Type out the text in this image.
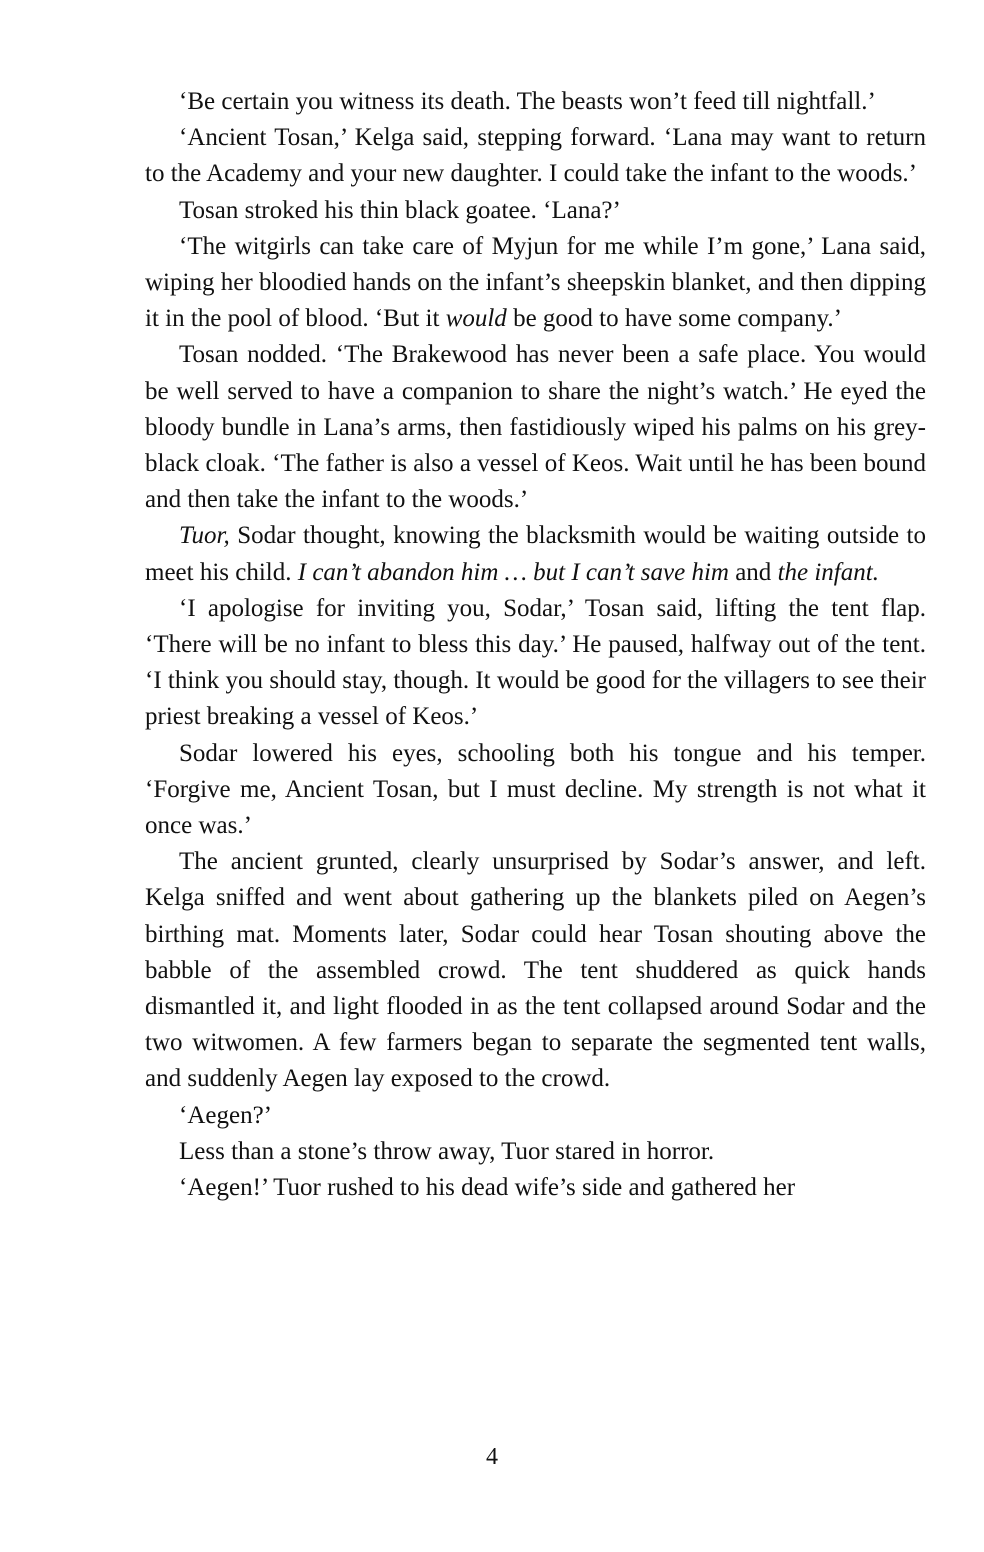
‘Be certain you witness its death. The beasts won’t feed till nightfall.’

‘Ancient Tosan,’ Kelga said, stepping forward. ‘Lana may want to return to the Academy and your new daughter. I could take the infant to the woods.’

Tosan stroked his thin black goatee. ‘Lana?’

‘The witgirls can take care of Myjun for me while I’m gone,’ Lana said, wiping her bloodied hands on the infant’s sheepskin blanket, and then dipping it in the pool of blood. ‘But it would be good to have some company.’

Tosan nodded. ‘The Brakewood has never been a safe place. You would be well served to have a companion to share the night’s watch.’ He eyed the bloody bundle in Lana’s arms, then fastidiously wiped his palms on his grey-black cloak. ‘The father is also a vessel of Keos. Wait until he has been bound and then take the infant to the woods.’

Tuor, Sodar thought, knowing the blacksmith would be waiting outside to meet his child. I can’t abandon him … but I can’t save him and the infant.

‘I apologise for inviting you, Sodar,’ Tosan said, lifting the tent flap. ‘There will be no infant to bless this day.’ He paused, halfway out of the tent. ‘I think you should stay, though. It would be good for the villagers to see their priest breaking a vessel of Keos.’

Sodar lowered his eyes, schooling both his tongue and his temper. ‘Forgive me, Ancient Tosan, but I must decline. My strength is not what it once was.’

The ancient grunted, clearly unsurprised by Sodar’s answer, and left. Kelga sniffed and went about gathering up the blankets piled on Aegen’s birthing mat. Moments later, Sodar could hear Tosan shouting above the babble of the assembled crowd. The tent shuddered as quick hands dismantled it, and light flooded in as the tent collapsed around Sodar and the two witwomen. A few farmers began to separate the segmented tent walls, and suddenly Aegen lay exposed to the crowd.

‘Aegen?’

Less than a stone’s throw away, Tuor stared in horror.

‘Aegen!’ Tuor rushed to his dead wife’s side and gathered her

4
